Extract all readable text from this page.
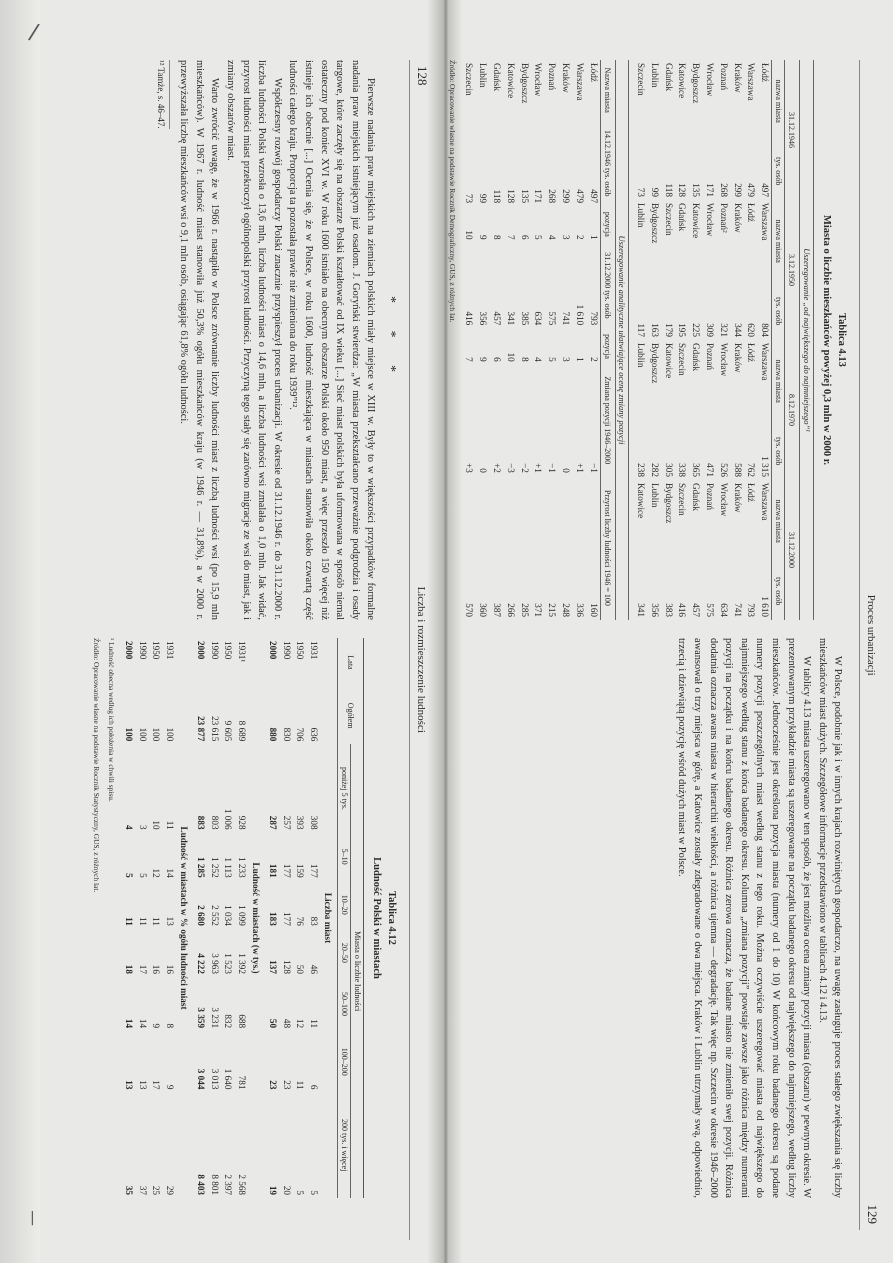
/
|
128
Liczba i rozmieszczenie ludności
* * *

Pierwsze nadania praw miejskich na ziemiach polskich miały miejsce w XIII w. Były to w większości przypadków formalne nadania praw miejskich istniejącym już osadom. J. Goryński stwierdza: „W miasta przekształcano przeważnie podgrodzia i osady targowe, które zaczęły się na obszarze Polski kształtować od IX wieku [...] Sieć miast polskich była uformowana w sposób niemal ostateczny pod koniec XVI w. W roku 1600 istniało na obecnym obszarze Polski około 950 miast, a więc przeszło 150 więcej niż istnieje ich obecnie [...] Ocenia się, że w Polsce, w roku 1600, ludność mieszkająca w miastach stanowiła około czwartą część ludności całego kraju. Proporcja ta pozostała prawie nie zmieniona do roku 1939”¹².

Współczesny rozwój gospodarczy Polski znacznie przyspieszył proces urbanizacji. W okresie od 31.12.1946 r. do 31.12.2000 r. liczba ludności Polski wzrosła o 13,6 mln, liczba ludności miast o 14,6 mln, a liczba ludności wsi zmalała o 1,0 mln. Jak widać, przyrost ludności miast przekroczył ogólnopolski przyrost ludności. Przyczyną tego stały się zarówno migracje ze wsi do miast, jak i zmiany obszarów miast.

Warto zwrócić uwagę, że w 1966 r. nastąpiło w Polsce zrównanie liczby ludności miast z liczbą ludności wsi (po 15,9 mln mieszkańców). W 1967 r. ludność miast stanowiła już 50,3% ogółu mieszkańców kraju (w 1946 r. — 31,8%), a w 2000 r. przewyższała liczbę mieszkańców wsi o 9,1 mln osób, osiągając 61,8% ogółu ludności.

¹² Tamże, s. 46–47.
Tablica 4.12
Ludność Polski w miastach
Lata	Ogółem	Miasta o liczbie ludności						
		poniżej 5 tys.	5–10	10–20	20–50	50–100	100–200	200 tys. i więcej
Liczba miast								
1931	636	308	177	83	46	11	6	5
1950	706	393	159	76	50	12	11	5
1990	830	257	177	177	128	48	23	20
2000	880	287	181	183	137	50	23	19
Ludność w miastach (w tys.)								
1931¹	8 689	928	1 233	1 099	1 392	688	781	2 568
1950	9 605	1 006	1 113	1 034	1 523	832	1 640	2 397
1990	23 615	803	1 252	2 552	3 963	3 231	3 013	8 801
2000	23 877	883	1 285	2 680	4 222	3 359	3 044	8 403
Ludność w miastach w % ogółu ludności miast								
1931	100	11	14	13	16	8	9	29
1950	100	10	12	11	16	9	17	25
1990	100	3	5	11	17	14	13	37
2000	100	4	5	11	18	14	13	35
¹ Ludność obecna według ich położenia w chwili spisu.
Źródło: Opracowanie własne na podstawie Rocznik Statystyczny, GUS, z różnych lat.
Proces urbanizacji
129
Tablica 4.13
Miasta o liczbie mieszkańców powyżej 0,3 mln w 2000 r.
Uszeregowanie „od największego do najmniejszego”¹
31.12.1946		3.12.1950		8.12.1970		31.12.2000	
nazwa miasta	tys. osób	nazwa miasta	tys. osób	nazwa miasta	tys. osób	nazwa miasta	tys. osób
Łódź	497	Warszawa	804	Warszawa	1 315	Warszawa	1 610
Warszawa	479	Łódź	620	Łódź	762	Łódź	793
Kraków	299	Kraków	344	Kraków	588	Kraków	741
Poznań	268	Poznań²	321	Wrocław	526	Wrocław	634
Wrocław	171	Wrocław	309	Poznań	471	Poznań	575
Bydgoszcz	135	Katowice	225	Gdańsk	365	Gdańsk	457
Katowice	128	Gdańsk	195	Szczecin	338	Szczecin	416
Gdańsk	118	Szczecin	179	Katowice	305	Bydgoszcz	383
Lublin	99	Bydgoszcz	163	Bydgoszcz	282	Lublin	356
Szczecin	73	Lublin	117	Lublin	238	Katowice	341
Uszeregowanie analityczne ułatwiające ocenę zmiany pozycji
Nazwa miasta	14.12.1946 tys. osób	pozycja	31.12.2000 tys. osób	pozycja	Zmiana pozycji 1946–2000	Przyrost liczby ludności 1946 = 100
Łódź	497	1	793	2	−1	160
Warszawa	479	2	1 610	1	+1	336
Kraków	299	3	741	3	0	248
Poznań	268	4	575	5	−1	215
Wrocław	171	5	634	4	+1	371
Bydgoszcz	135	6	385	8	−2	285
Katowice	128	7	341	10	−3	266
Gdańsk	118	8	457	6	+2	387
Lublin	99	9	356	9	0	360
Szczecin	73	10	416	7	+3	570
Źródło: Opracowanie własne na podstawie Rocznik Demograficzny, GUS, z różnych lat.

W Polsce, podobnie jak i w innych krajach rozwiniętych gospodarczo, na uwagę zasługuje proces stałego zwiększania się liczby mieszkańców miast dużych. Szczegółowe informacje przedstawiono w tablicach 4.12 i 4.13.

W tablicy 4.13 miasta uszeregowano w ten sposób, że jest możliwa ocena zmiany pozycji miasta (obszaru) w pewnym okresie. W prezentowanym przykładzie miasta są uszeregowane na początku badanego okresu od największego do najmniejszego, według liczby mieszkańców. Jednocześnie jest określona pozycja miasta (numery od 1 do 10) W końcowym roku badanego okresu są podane numery pozycji poszczególnych miast według stanu z tego roku. Można oczywiście uszeregować miasta od największego do najmniejszego według stanu z końca badanego okresu. Kolumna „zmiana pozycji” powstaje zawsze jako różnica między numerami pozycji na początku i na końcu badanego okresu. Różnica zerowa oznacza, że badane miasto nie zmieniło swej pozycji. Różnica dodatnia oznacza awans miasta w hierarchii wielkości, a różnica ujemna — degradację. Tak więc np. Szczecin w okresie 1946–2000 awansował o trzy miejsca w górę, a Katowice zostały zdegradowane o dwa miejsca. Kraków i Lublin utrzymały swą, odpowiednio, trzecią i dziewiątą pozycję wśród dużych miast w Polsce.
